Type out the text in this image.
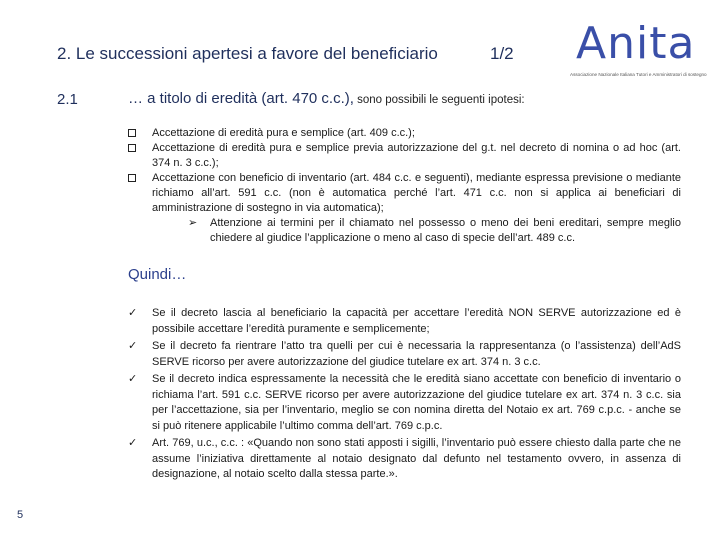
2. Le successioni apertesi a favore del beneficiario	1/2 Anita
Associazione Nazionale Italiana Tutori e Amministratori di sostegno
2.1	… a titolo di eredità (art. 470 c.c.), sono possibili le seguenti ipotesi:
Accettazione di eredità pura e semplice (art. 409 c.c.);
Accettazione di eredità pura e semplice previa autorizzazione del g.t. nel decreto di nomina o ad hoc (art. 374 n. 3 c.c.);
Accettazione con beneficio di inventario (art. 484 c.c. e seguenti), mediante espressa previsione o mediante richiamo all’art. 591 c.c. (non è automatica perché l’art. 471 c.c. non si applica ai beneficiari di amministrazione di sostegno in via automatica);
➢ Attenzione ai termini per il chiamato nel possesso o meno dei beni ereditari, sempre meglio chiedere al giudice l’applicazione o meno al caso di specie dell’art. 489 c.c.
Quindi…
✓ Se il decreto lascia al beneficiario la capacità per accettare l’eredità NON SERVE autorizzazione ed è possibile accettare l’eredità puramente e semplicemente;
✓ Se il decreto fa rientrare l’atto tra quelli per cui è necessaria la rappresentanza (o l’assistenza) dell’AdS SERVE ricorso per avere autorizzazione del giudice tutelare ex art. 374 n. 3 c.c.
✓ Se il decreto indica espressamente la necessità che le eredità siano accettate con beneficio di inventario o richiama l’art. 591 c.c. SERVE ricorso per avere autorizzazione del giudice tutelare ex art. 374 n. 3 c.c. sia per l’accettazione, sia per l’inventario, meglio se con nomina diretta del Notaio ex art. 769 c.p.c. - anche se si può ritenere applicabile l’ultimo comma dell’art. 769 c.p.c.
✓ Art. 769, u.c., c.c. : «Quando non sono stati apposti i sigilli, l’inventario può essere chiesto dalla parte che ne assume l’iniziativa direttamente al notaio designato dal defunto nel testamento ovvero, in assenza di designazione, al notaio scelto dalla stessa parte.».
5
